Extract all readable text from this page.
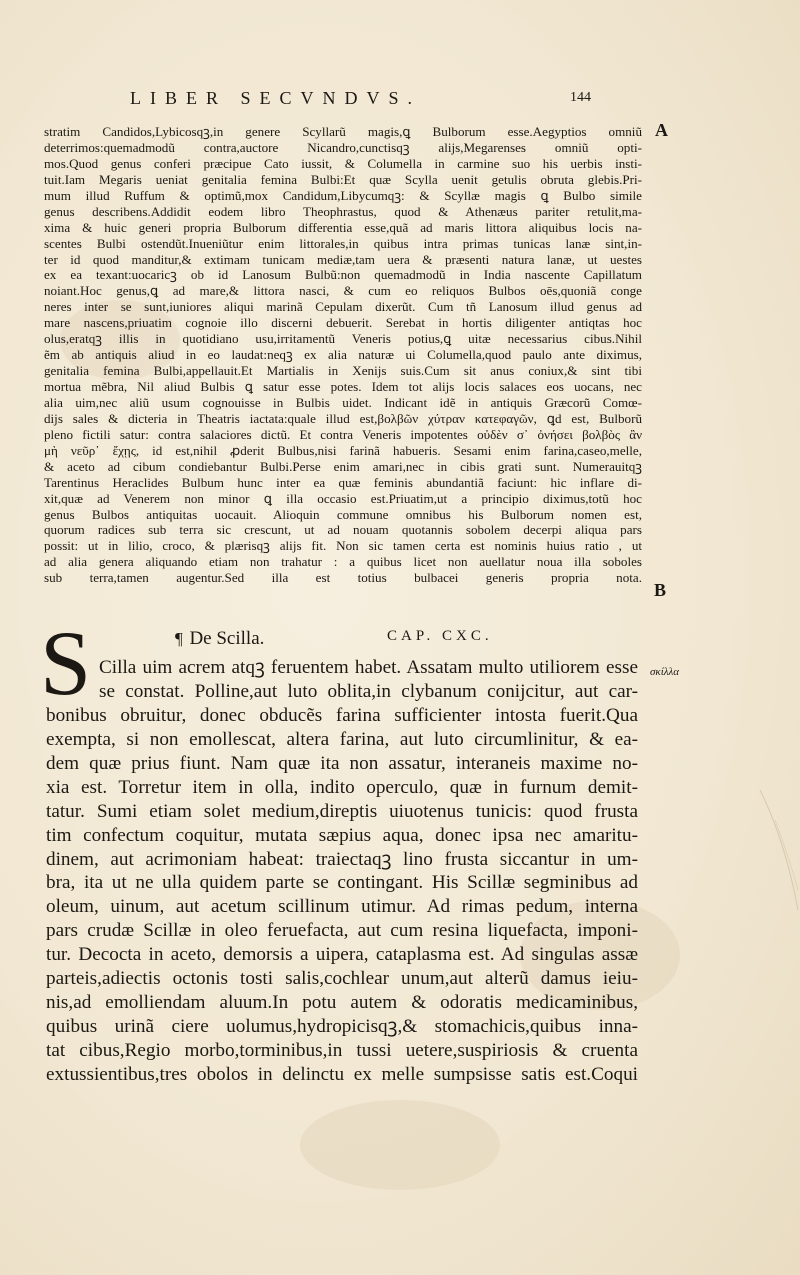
LIBER SECVNDVS.	144
stratim Candidos,Lybicosqꝫ,in genere Scyllarũ magis,ꝗ Bulborum esse.Aegyptios omniũ
deterrimos:quemadmodũ contra,auctore Nicandro,cunctisqꝫ alijs,Megarenses omniũ opti-
mos.Quod genus conferi præcipue Cato iussit, & Columella in carmine suo his uerbis insti-
tuit.Iam Megaris ueniat genitalia femina Bulbi:Et quæ Scylla uenit getulis obruta glebis.Pri-
mum illud Ruffum & optimũ,mox Candidum,Libycumqꝫ: & Scyllæ magis ꝗ Bulbo simile
genus describens.Addidit eodem libro Theophrastus, quod & Athenæus pariter retulit,ma-
xima & huic generi propria Bulborum differentia esse,quã ad maris littora aliquibus locis na-
scentes Bulbi ostendũt.Inueniũtur enim littorales,in quibus intra primas tunicas lanæ sint,in-
ter id quod manditur,& extimam tunicam mediæ,tam uera & præsenti natura lanæ, ut uestes
ex ea texant:uocaricꝫ ob id Lanosum Bulbũ:non quemadmodũ in India nascente Capillatum
noiant.Hoc genus,ꝗ ad mare,& littora nasci, & cum eo reliquos Bulbos oēs,quoniã conge
neres inter se sunt,iuniores aliqui marinã Cepulam dixerũt. Cum tñ Lanosum illud genus ad
mare nascens,priuatim cognoie illo discerni debuerit. Serebat in hortis diligenter antiqtas hoc
olus,eratqꝫ illis in quotidiano usu,irritamentũ Veneris potius,ꝗ uitæ necessarius cibus.Nihil
ẽm ab antiquis aliud in eo laudat:neqꝫ ex alia naturæ ui Columella,quod paulo ante diximus,
genitalia femina Bulbi,appellauit.Et Martialis in Xenijs suis.Cum sit anus coniux,& sint tibi
mortua mẽbra, Nil aliud Bulbis ꝗ satur esse potes. Idem tot alijs locis salaces eos uocans, nec
alia uim,nec aliũ usum cognouisse in Bulbis uidet. Indicant idẽ in antiquis Græcorũ Comœ-
dijs sales & dicteria in Theatris iactata:quale illud est,βολβῶν χύτραν κατεφαγῶν, ꝗd est, Bulborũ
pleno fictili satur: contra salaciores dictũ. Et contra Veneris impotentes οὐδὲν σ᾽ ὀνήσει βολβὸς ἂν
μὴ νεῦρ᾽ ἔχῃς, id est,nihil ꝓderit Bulbus,nisi farinã habueris. Sesami enim farina,caseo,melle,
& aceto ad cibum condiebantur Bulbi.Perse enim amari,nec in cibis grati sunt. Numerauitqꝫ
Tarentinus Heraclides Bulbum hunc inter ea quæ feminis abundantiã faciunt: hic inflare di-
xit,quæ ad Venerem non minor ꝗ illa occasio est.Priuatim,ut a principio diximus,totũ hoc
genus Bulbos antiquitas uocauit. Alioquin commune omnibus his Bulborum nomen est,
quorum radices sub terra sic crescunt, ut ad nouam quotannis sobolem decerpi aliqua pars
possit: ut in lilio, croco, & plærisqꝫ alijs fit. Non sic tamen certa est nominis huius ratio , ut
ad alia genera aliquando etiam non trahatur : a quibus licet non auellatur noua illa soboles
sub terra,tamen augentur.Sed illa est totius bulbacei generis propria nota.
A
B
σκίλλα
S	¶ De Scilla.	CAP. CXC.
Cilla uim acrem atqꝫ feruentem habet. Assatam multo utiliorem esse
se constat. Polline,aut luto oblita,in clybanum conijcitur, aut car-
bonibus obruitur, donec obducẽs farina sufficienter intosta fuerit.Qua
exempta, si non emollescat, altera farina, aut luto circumlinitur, & ea-
dem quæ prius fiunt. Nam quæ ita non assatur, interaneis maxime no-
xia est. Torretur item in olla, indito operculo, quæ in furnum demit-
tatur. Sumi etiam solet medium,direptis uiuotenus tunicis: quod frusta
tim confectum coquitur, mutata sæpius aqua, donec ipsa nec amaritu-
dinem, aut acrimoniam habeat: traiectaqꝫ lino frusta siccantur in um-
bra, ita ut ne ulla quidem parte se contingant. His Scillæ segminibus ad
oleum, uinum, aut acetum scillinum utimur. Ad rimas pedum, interna
pars crudæ Scillæ in oleo feruefacta, aut cum resina liquefacta, imponi-
tur. Decocta in aceto, demorsis a uipera, cataplasma est. Ad singulas assæ
parteis,adiectis octonis tosti salis,cochlear unum,aut alterũ damus ieiu-
nis,ad emolliendam aluum.In potu autem & odoratis medicaminibus,
quibus urinã ciere uolumus,hydropicisqꝫ,& stomachicis,quibus inna-
tat cibus,Regio morbo,torminibus,in tussi uetere,suspiriosis & cruenta
extussientibus,tres obolos in delinctu ex melle sumpsisse satis est.Coqui
